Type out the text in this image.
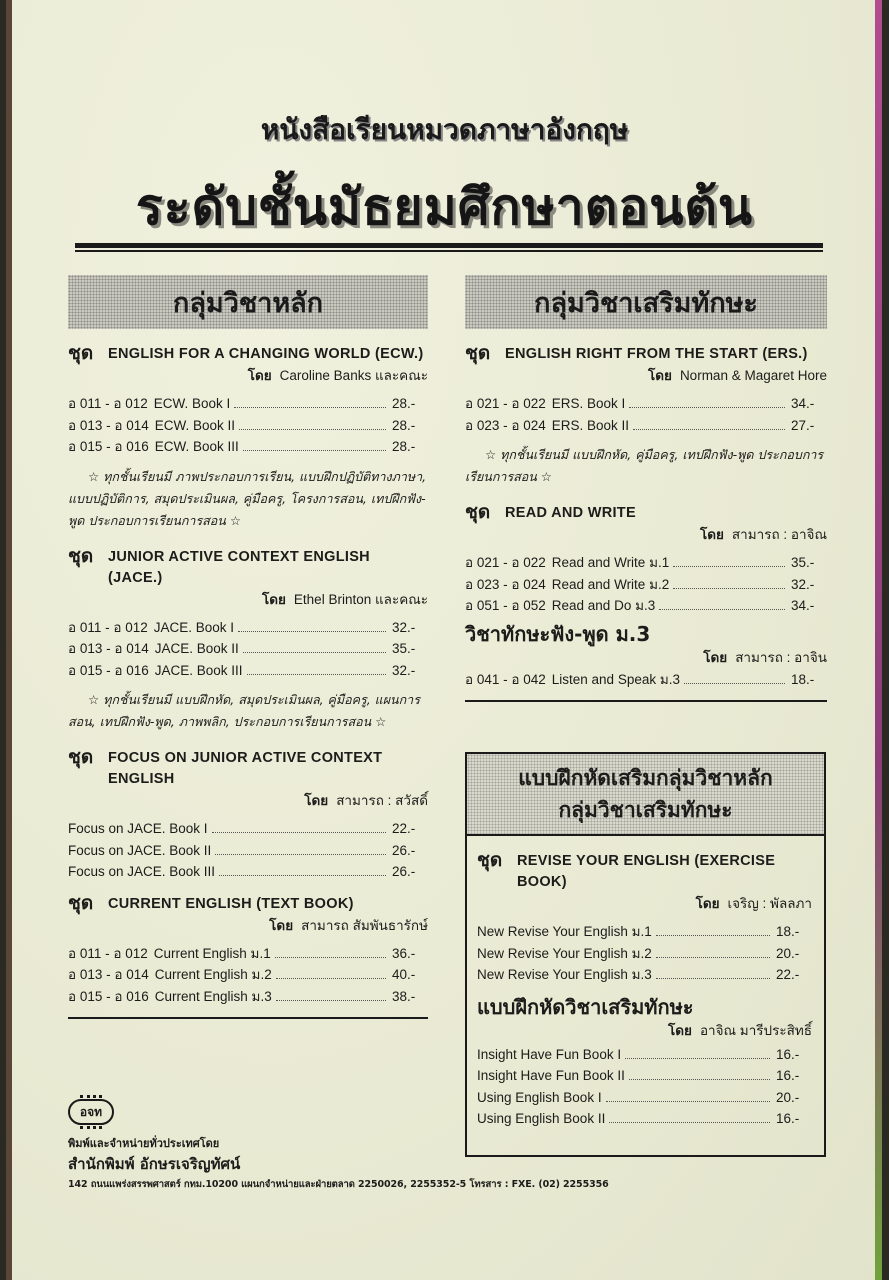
หนังสือเรียนหมวดภาษาอังกฤษ
ระดับชั้นมัธยมศึกษาตอนต้น
กลุ่มวิชาหลัก
ชุด	ENGLISH FOR A CHANGING WORLD (ECW.)
โดย Caroline Banks และคณะ
อ 011 - อ 012 ECW. Book I	28.-
อ 013 - อ 014 ECW. Book II	28.-
อ 015 - อ 016 ECW. Book III	28.-

☆ ทุกชั้นเรียนมี ภาพประกอบการเรียน, แบบฝึกปฏิบัติทางภาษา, แบบปฏิบัติการ, สมุดประเมินผล, คู่มือครู, โครงการสอน, เทปฝึกฟัง-พูด ประกอบการเรียนการสอน ☆

ชุด	JUNIOR ACTIVE CONTEXT ENGLISH (JACE.)
โดย Ethel Brinton และคณะ
อ 011 - อ 012 JACE. Book I	32.-
อ 013 - อ 014 JACE. Book II	35.-
อ 015 - อ 016 JACE. Book III	32.-

☆ ทุกชั้นเรียนมี แบบฝึกหัด, สมุดประเมินผล, คู่มือครู, แผนการสอน, เทปฝึกฟัง-พูด, ภาพพลิก, ประกอบการเรียนการสอน ☆

ชุด	FOCUS ON JUNIOR ACTIVE CONTEXT ENGLISH
โดย สามารถ : สวัสดิ์
Focus on JACE. Book I	22.-
Focus on JACE. Book II	26.-
Focus on JACE. Book III	26.-
ชุด	CURRENT ENGLISH (TEXT BOOK)
โดย สามารถ สัมพันธารักษ์
อ 011 - อ 012 Current English ม.1	36.-
อ 013 - อ 014 Current English ม.2	40.-
อ 015 - อ 016 Current English ม.3	38.-
กลุ่มวิชาเสริมทักษะ
ชุด	ENGLISH RIGHT FROM THE START (ERS.)
โดย Norman & Magaret Hore
อ 021 - อ 022 ERS. Book I	34.-
อ 023 - อ 024 ERS. Book II	27.-

☆ ทุกชั้นเรียนมี แบบฝึกหัด, คู่มือครู, เทปฝึกฟัง-พูด ประกอบการเรียนการสอน ☆

ชุด	READ AND WRITE
โดย สามารถ : อาจิณ
อ 021 - อ 022 Read and Write ม.1	35.-
อ 023 - อ 024 Read and Write ม.2	32.-
อ 051 - อ 052 Read and Do ม.3	34.-
วิชาทักษะฟัง-พูด ม.3
โดย สามารถ : อาจิน
อ 041 - อ 042 Listen and Speak ม.3	18.-
แบบฝึกหัดเสริมกลุ่มวิชาหลัก
กลุ่มวิชาเสริมทักษะ
ชุด	REVISE YOUR ENGLISH (EXERCISE BOOK)
โดย เจริญ : พัลลภา
New Revise Your English ม.1	18.-
New Revise Your English ม.2	20.-
New Revise Your English ม.3	22.-
แบบฝึกหัดวิชาเสริมทักษะ
โดย อาจิณ มารีประสิทธิ์
Insight Have Fun Book I	16.-
Insight Have Fun Book II	16.-
Using English Book I	20.-
Using English Book II	16.-
อจท
พิมพ์และจำหน่ายทั่วประเทศโดย
สำนักพิมพ์ อักษรเจริญทัศน์
142 ถนนแพร่งสรรพศาสตร์ กทม.10200 แผนกจำหน่ายและฝ่ายตลาด 2250026, 2255352-5 โทรสาร : FXE. (02) 2255356
